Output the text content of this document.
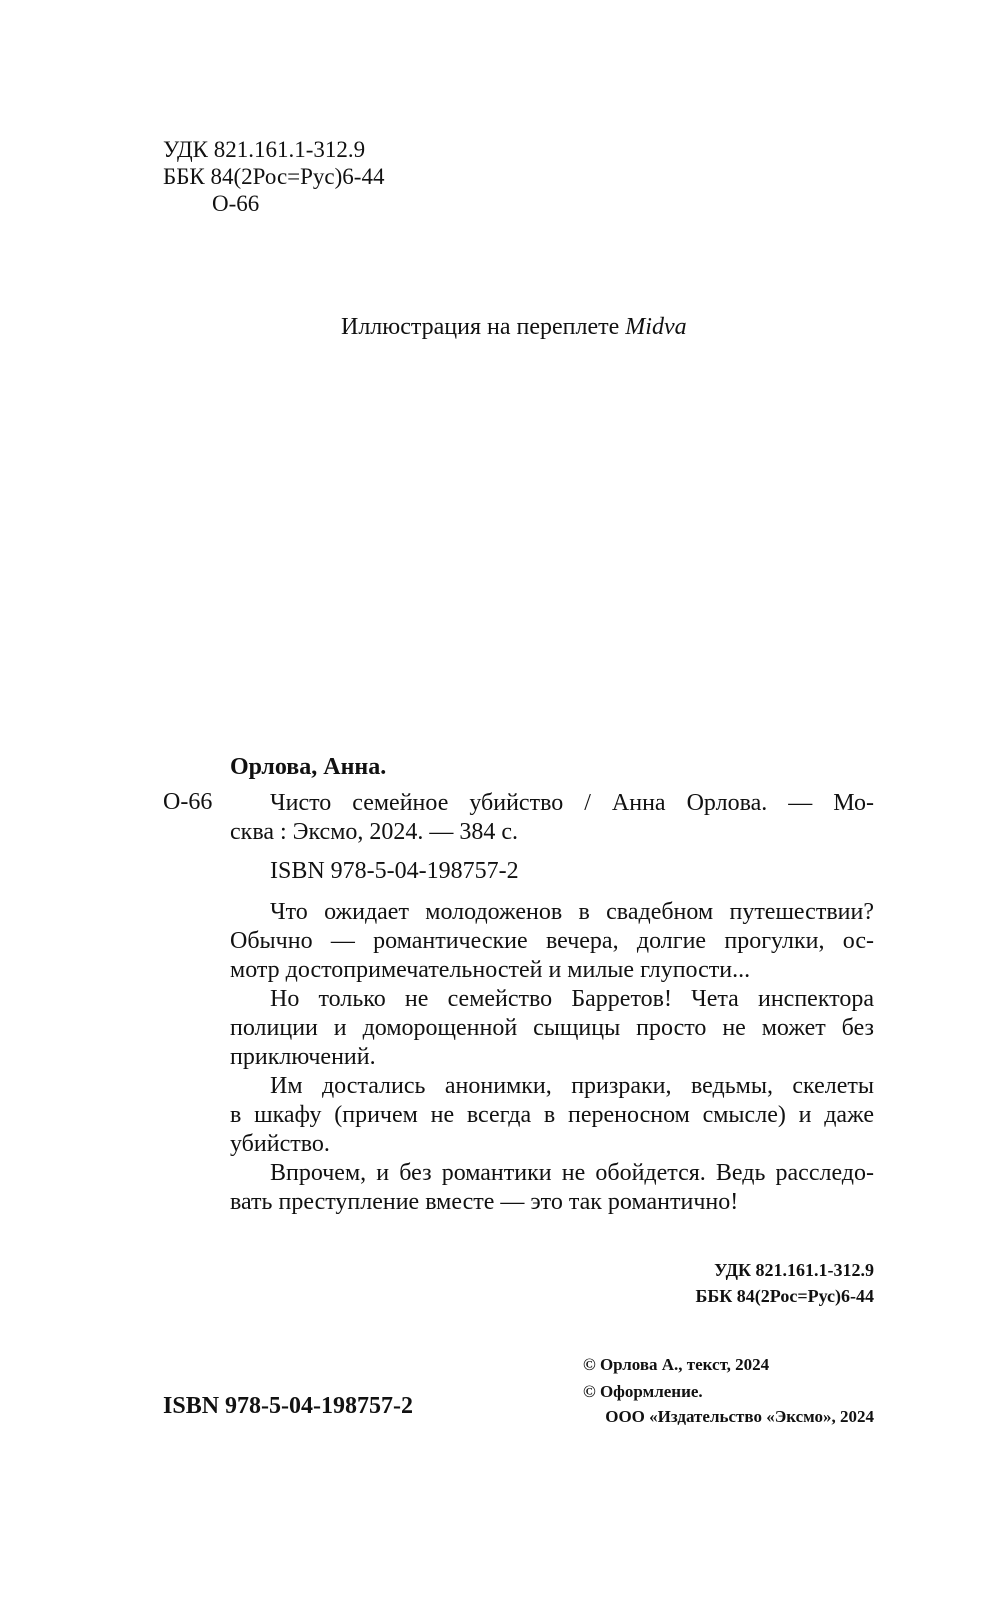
УДК 821.161.1-312.9
ББК 84(2Рос=Рус)6-44
О-66
Иллюстрация на переплете Midva
Орлова, Анна.
О-66	Чисто семейное убийство / Анна Орлова. — Мо-
сква : Эксмо, 2024. — 384 с.
ISBN 978-5-04-198757-2
Что ожидает молодоженов в свадебном путешествии?
Обычно — романтические вечера, долгие прогулки, ос-
мотр достопримечательностей и милые глупости...
Но только не семейство Барретов! Чета инспектора
полиции и доморощенной сыщицы просто не может без
приключений.
Им достались анонимки, призраки, ведьмы, скелеты
в шкафу (причем не всегда в переносном смысле) и даже
убийство.
Впрочем, и без романтики не обойдется. Ведь расследо-
вать преступление вместе — это так романтично!
УДК 821.161.1-312.9
ББК 84(2Рос=Рус)6-44
© Орлова А., текст, 2024
© Оформление.
ООО «Издательство «Эксмо», 2024
ISBN 978-5-04-198757-2
